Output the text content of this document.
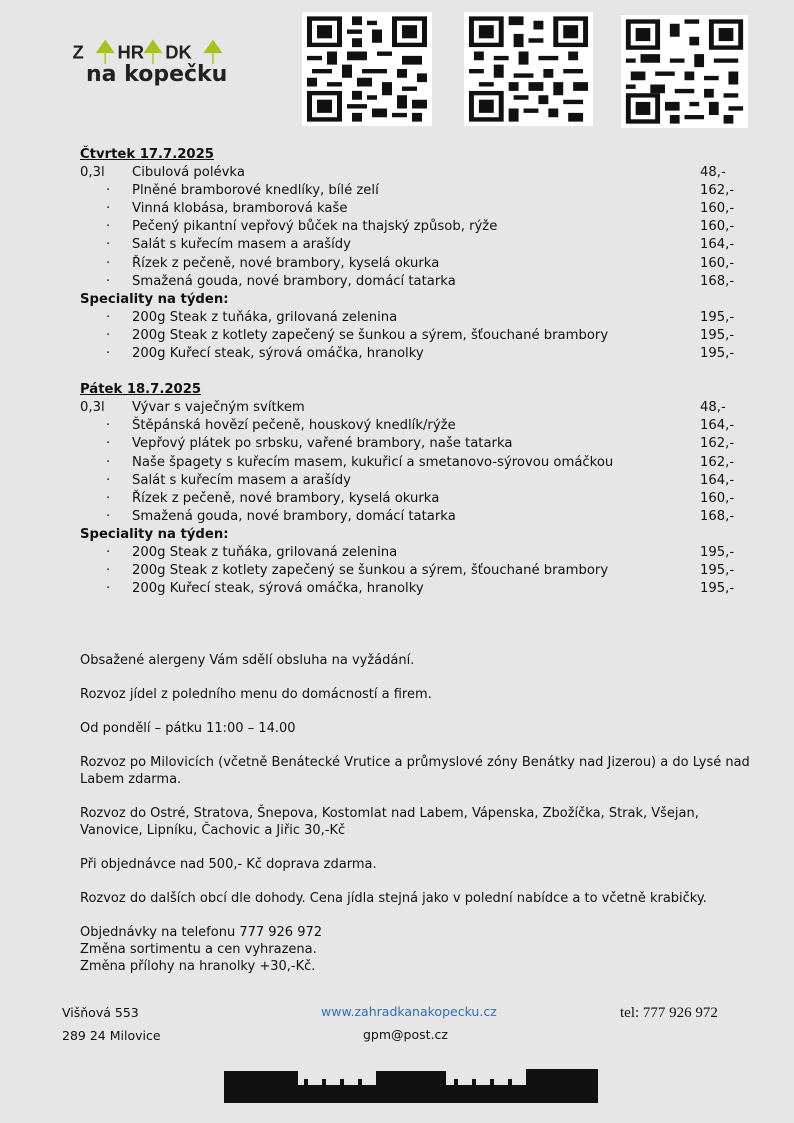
Z HR DK
na kopečku
Čtvrtek 17.7.2025
0,3l Cibulová polévka	48,-
· Plněné bramborové knedlíky, bílé zelí	162,-
· Vinná klobása, bramborová kaše	160,-
· Pečený pikantní vepřový bůček na thajský způsob, rýže	160,-
· Salát s kuřecím masem a arašídy	164,-
· Řízek z pečeně, nové brambory, kyselá okurka	160,-
· Smažená gouda, nové brambory, domácí tatarka	168,-
Speciality na týden:
· 200g Steak z tuňáka, grilovaná zelenina	195,-
· 200g Steak z kotlety zapečený se šunkou a sýrem, šťouchané brambory	195,-
· 200g Kuřecí steak, sýrová omáčka, hranolky	195,-
Pátek 18.7.2025
0,3l Vývar s vaječným svítkem	48,-
· Štěpánská hovězí pečeně, houskový knedlík/rýže	164,-
· Vepřový plátek po srbsku, vařené brambory, naše tatarka	162,-
· Naše špagety s kuřecím masem, kukuřicí a smetanovo-sýrovou omáčkou	162,-
· Salát s kuřecím masem a arašídy	164,-
· Řízek z pečeně, nové brambory, kyselá okurka	160,-
· Smažená gouda, nové brambory, domácí tatarka	168,-
Speciality na týden:
· 200g Steak z tuňáka, grilovaná zelenina	195,-
· 200g Steak z kotlety zapečený se šunkou a sýrem, šťouchané brambory	195,-
· 200g Kuřecí steak, sýrová omáčka, hranolky	195,-

Obsažené alergeny Vám sdělí obsluha na vyžádání.

Rozvoz jídel z poledního menu do domácností a firem.

Od pondělí – pátku 11:00 – 14.00

Rozvoz po Milovicích (včetně Benátecké Vrutice a průmyslové zóny Benátky nad Jizerou) a do Lysé nad Labem zdarma.

Rozvoz do Ostré, Stratova, Šnepova, Kostomlat nad Labem, Vápenska, Zbožíčka, Strak, Všejan, Vanovice, Lipníku, Čachovic a Jiřic 30,-Kč

Při objednávce nad 500,- Kč doprava zdarma.

Rozvoz do dalších obcí dle dohody. Cena jídla stejná jako v polední nabídce a to včetně krabičky.

Objednávky na telefonu 777 926 972

Změna sortimentu a cen vyhrazena.

Změna přílohy na hranolky +30,-Kč.

Višňová 553
289 24 Milovice
www.zahradkanakopecku.cz
gpm@post.cz
tel: 777 926 972
